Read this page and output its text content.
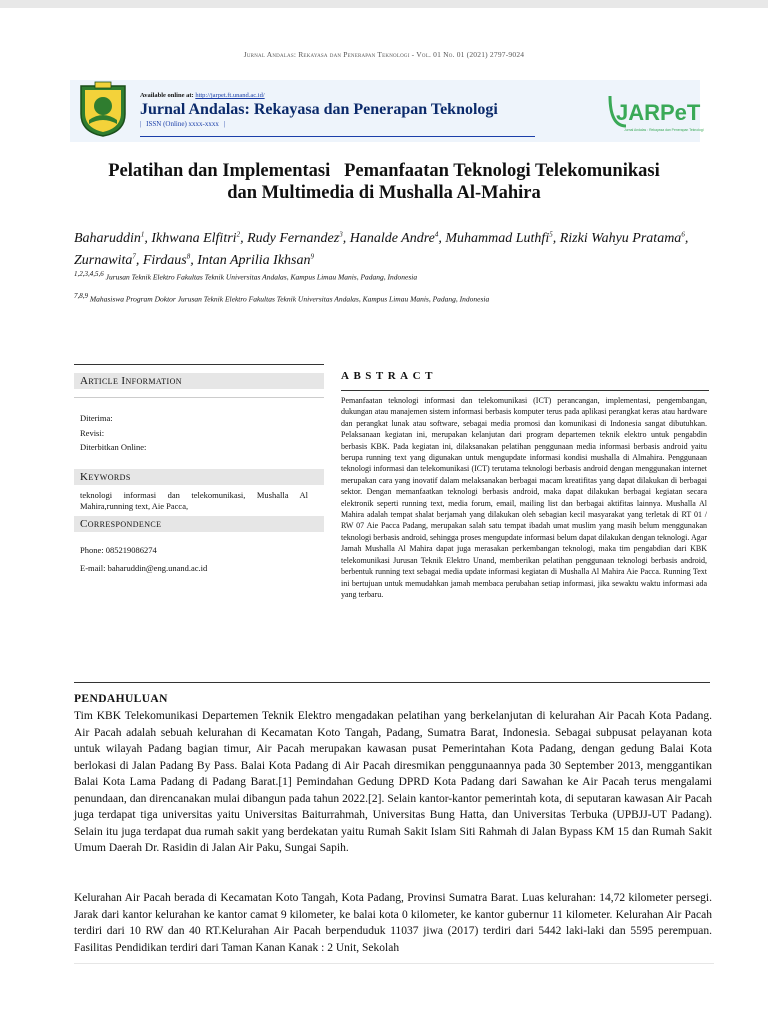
Jurnal Andalas: Rekayasa dan Penerapan Teknologi - Vol. 01 No. 01 (2021) 2797-9024
Available online at: http://jarpet.ft.unand.ac.id/
Jurnal Andalas: Rekayasa dan Penerapan Teknologi
| ISSN (Online) xxxx-xxxx |	JARPeT
Jurnal Andalas : Rekayasa dan Penerapan Teknologi
Pelatihan dan Implementasi   Pemanfaatan Teknologi Telekomunikasi
dan Multimedia di Mushalla Al-Mahira
Baharuddin$^1$, Ikhwana Elfitri$^2$, Rudy Fernandez$^3$, Hanalde Andre$^4$, Muhammad Luthfi$^5$, Rizki Wahyu Pratama$^6$, Zurnawita$^7$, Firdaus$^8$, Intan Aprilia Ikhsan$^9$
$^{1,2,3,4,5,6}$ Jurusan Teknik Elektro Fakultas Teknik Universitas Andalas, Kampus Limau Manis, Padang, Indonesia
$^{7,8,9}$ Mahasiswa Program Doktor Jurusan Teknik Elektro Fakultas Teknik Universitas Andalas, Kampus Limau Manis, Padang, Indonesia
Article Information
Diterima:
Revisi:
Diterbitkan Online:
Keywords
teknologi informasi dan telekomunikasi, Mushalla Al Mahira,running text, Aie Pacca,
Correspondence
Phone: 085219086274
E-mail: baharuddin@eng.unand.ac.id
ABSTRACT
Pemanfaatan teknologi informasi dan telekomunikasi (ICT) perancangan, implementasi, pengembangan, dukungan atau manajemen sistem informasi berbasis komputer terus pada aplikasi perangkat keras atau hardware dan perangkat lunak atau software, sebagai media promosi dan komunikasi di Indonesia sangat dibutuhkan. Pelaksanaan kegiatan ini, merupakan kelanjutan dari program departemen teknik elektro untuk pengabdin berbasis KBK. Pada kegiatan ini, dilaksanakan pelatihan penggunaan media informasi berbasis android yaitu berupa running text yang digunakan untuk mengupdate informasi kondisi mushalla di Almahira. Penggunaan teknologi informasi dan telekomunikasi (ICT) terutama teknologi berbasis android dengan menggunakan internet merupakan cara yang inovatif dalam melaksanakan berbagai macam kreatifitas yang dapat dilakukan di berbagai sektor. Dengan memanfaatkan teknologi berbasis android, maka dapat dilakukan berbagai kegiatan secara elektronik seperti running text, media forum, email, mailing list dan berbagai aktifitas lainnya. Mushalla Al Mahira adalah tempat shalat berjamah yang dilakukan oleh sebagian kecil masyarakat yang terletak di RT 01 / RW 07 Aie Pacca Padang, merupakan salah satu tempat ibadah umat muslim yang masih belum menggunakan teknologi berbasis android, sehingga proses mengupdate informasi belum dapat dilakukan dengan teknologi. Agar Jamah Mushalla Al Mahira dapat juga merasakan perkembangan teknologi, maka tim pengabdian dari KBK telekomunikasi Jurusan Teknik Elektro Unand, memberikan pelatihan penggunaan teknologi berbasis android, berbentuk running text sebagai media update informasi kegiatan di Mushalla Al Mahira Aie Pacca. Running Text ini bertujuan untuk memudahkan jamah membaca perubahan setiap informasi, jika sewaktu waktu informasi ada yang terbaru.
PENDAHULUAN
Tim KBK Telekomunikasi Departemen Teknik Elektro mengadakan pelatihan yang berkelanjutan di kelurahan Air Pacah Kota Padang. Air Pacah adalah sebuah kelurahan di Kecamatan Koto Tangah, Padang, Sumatra Barat, Indonesia. Sebagai subpusat pelayanan kota untuk wilayah Padang bagian timur, Air Pacah merupakan kawasan pusat Pemerintahan Kota Padang, dengan gedung Balai Kota berlokasi di Jalan Padang By Pass. Balai Kota Padang di Air Pacah diresmikan penggunaannya pada 30 September 2013, menggantikan Balai Kota Lama Padang di Padang Barat.[1] Pemindahan Gedung DPRD Kota Padang dari Sawahan ke Air Pacah terus mengalami penundaan, dan direncanakan mulai dibangun pada tahun 2022.[2]. Selain kantor-kantor pemerintah kota, di seputaran kawasan Air Pacah juga terdapat tiga universitas yaitu Universitas Baiturrahmah, Universitas Bung Hatta, dan Universitas Terbuka (UPBJJ-UT Padang). Selain itu juga terdapat dua rumah sakit yang berdekatan yaitu Rumah Sakit Islam Siti Rahmah di Jalan Bypass KM 15 dan Rumah Sakit Umum Daerah Dr. Rasidin di Jalan Air Paku, Sungai Sapih.
Kelurahan Air Pacah berada di Kecamatan Koto Tangah, Kota Padang, Provinsi Sumatra Barat. Luas kelurahan: 14,72 kilometer persegi. Jarak dari kantor kelurahan ke kantor camat 9 kilometer, ke balai kota 0 kilometer, ke kantor gubernur 11 kilometer. Kelurahan Air Pacah terdiri dari 10 RW dan 40 RT.Kelurahan Air Pacah berpenduduk 11037 jiwa (2017) terdiri dari 5442 laki-laki dan 5595 perempuan. Fasilitas Pendidikan terdiri dari Taman Kanan Kanak : 2 Unit, Sekolah
